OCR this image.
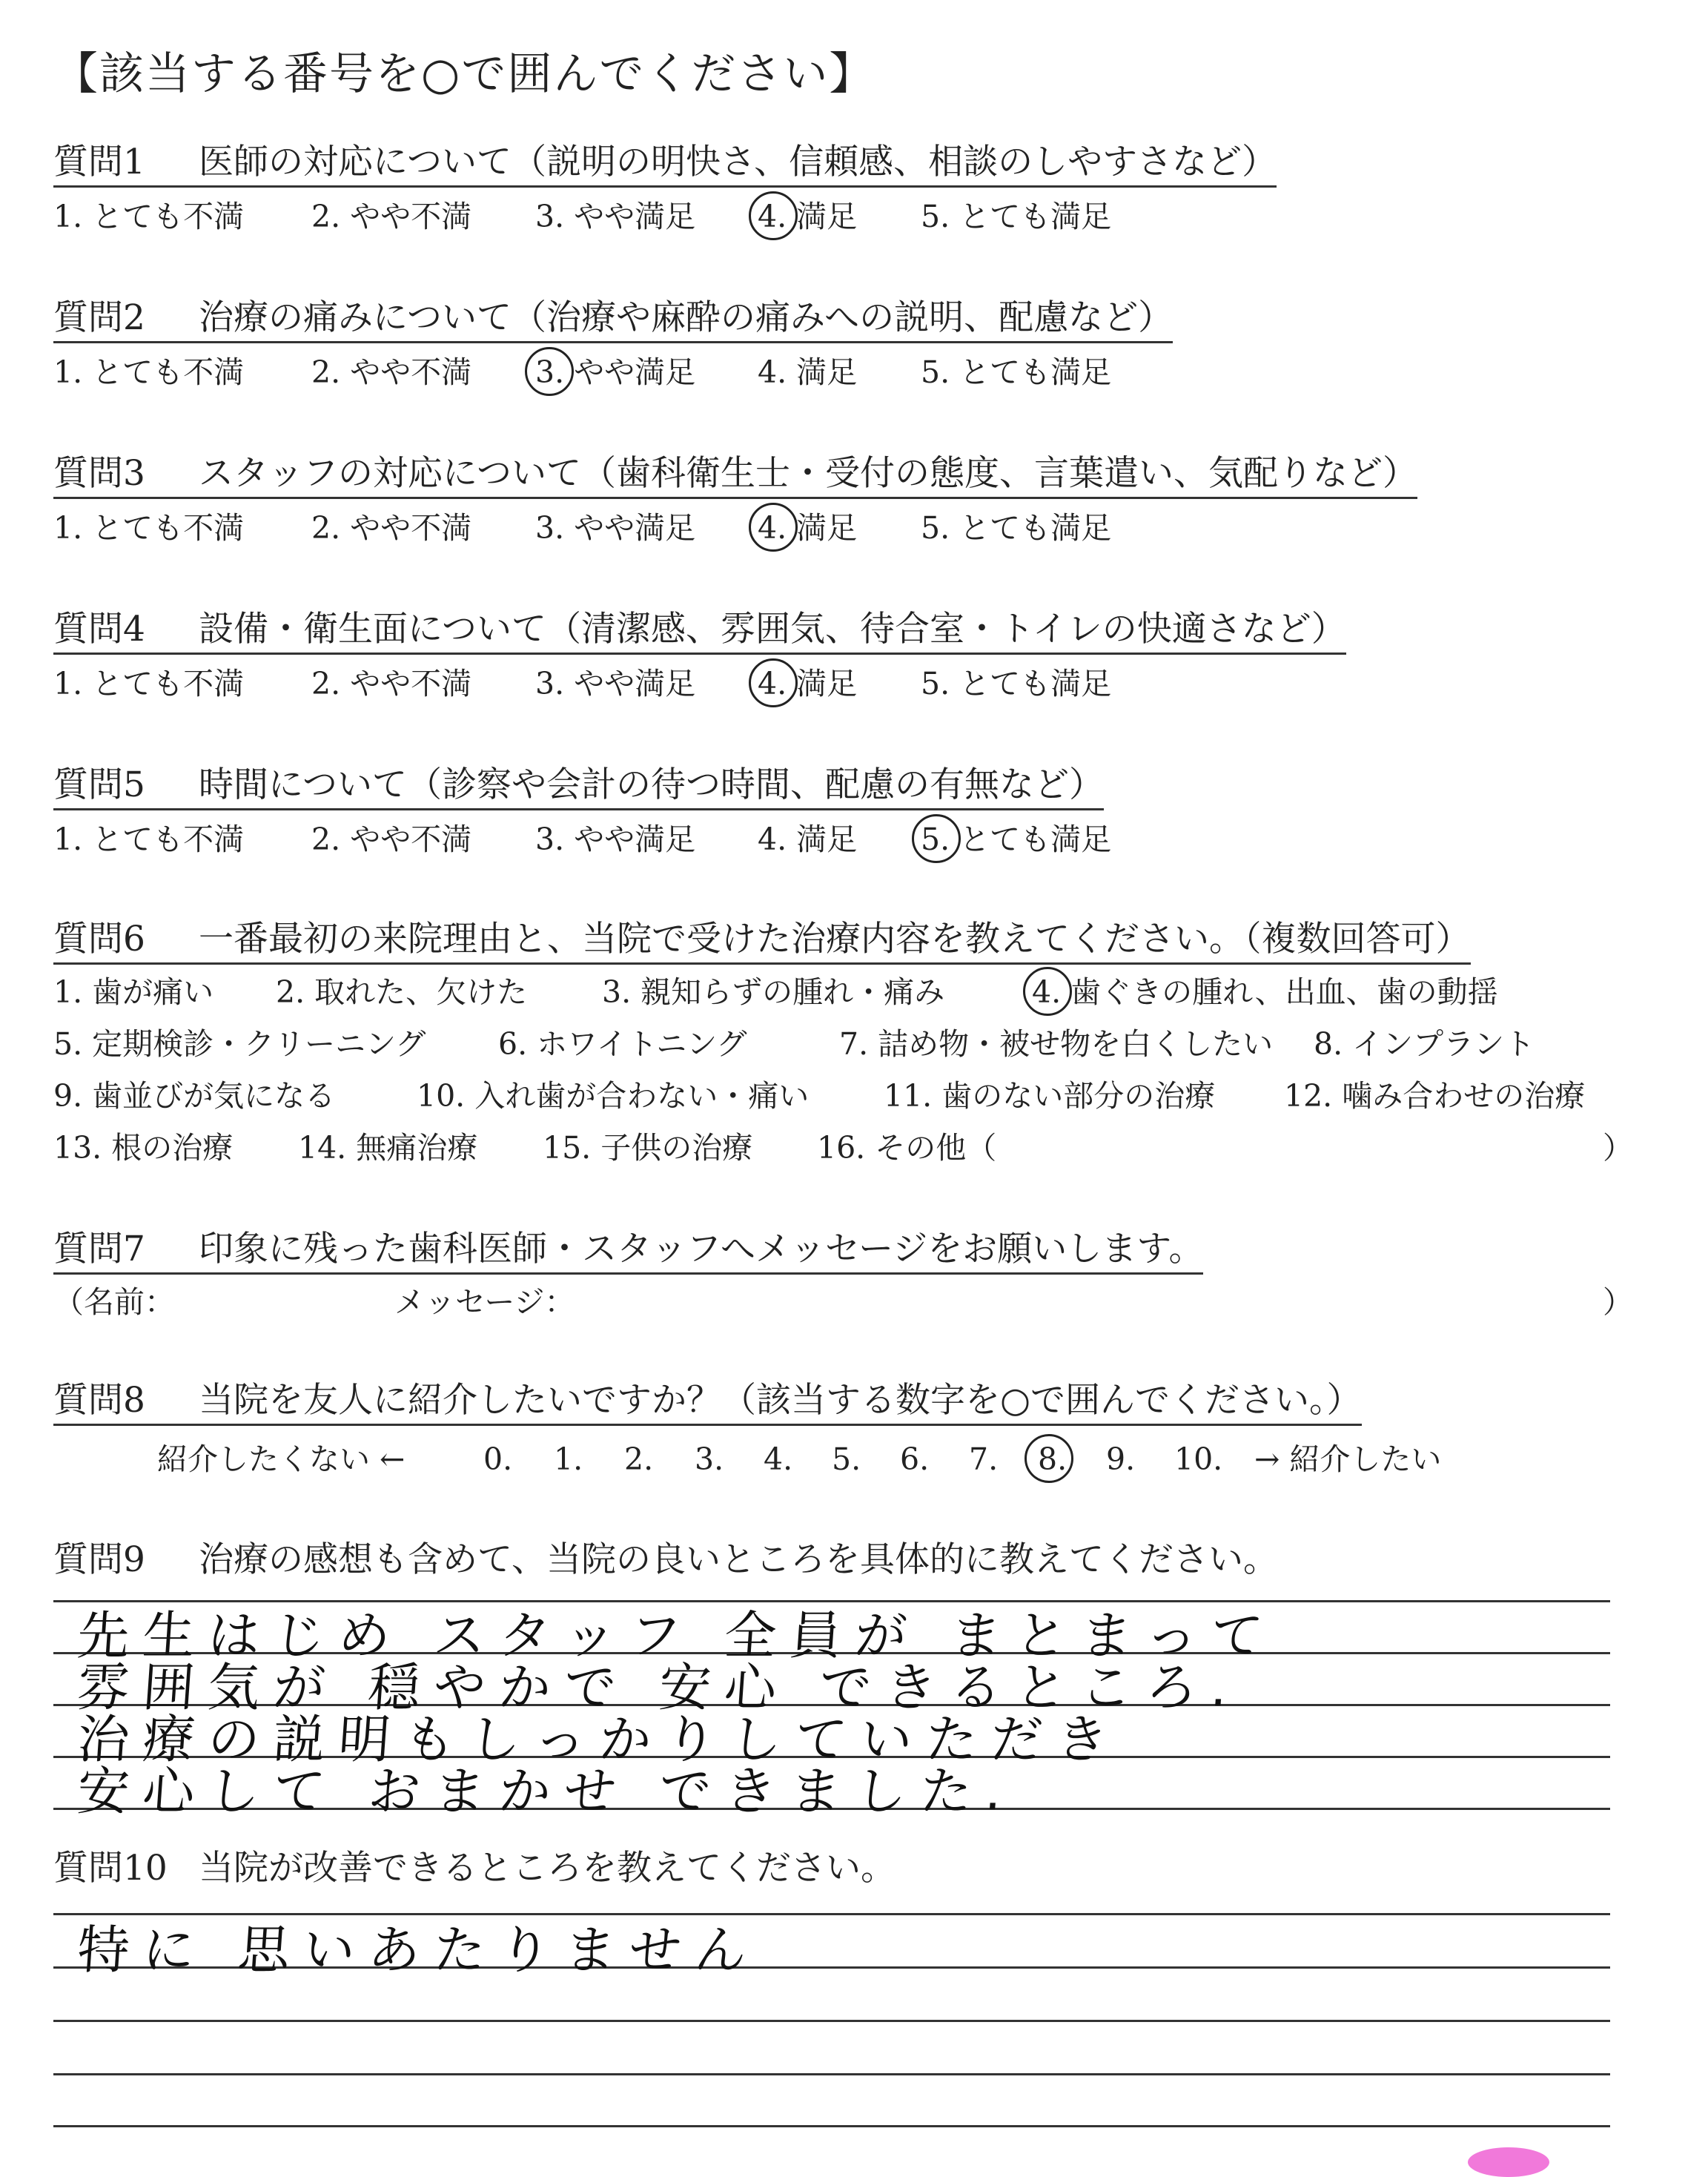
【該当する番号を○で囲んでください】
質問1 医師の対応について（説明の明快さ、信頼感、相談のしやすさなど）
1. とても不満 2. やや不満 3. やや満足 4. 満足 5. とても満足
質問2 治療の痛みについて（治療や麻酔の痛みへの説明、配慮など）
1. とても不満 2. やや不満 3. やや満足 4. 満足 5. とても満足
質問3 スタッフの対応について（歯科衛生士・受付の態度、言葉遣い、気配りなど）
1. とても不満 2. やや不満 3. やや満足 4. 満足 5. とても満足
質問4 設備・衛生面について（清潔感、雰囲気、待合室・トイレの快適さなど）
1. とても不満 2. やや不満 3. やや満足 4. 満足 5. とても満足
質問5 時間について（診察や会計の待つ時間、配慮の有無など）
1. とても不満 2. やや不満 3. やや満足 4. 満足 5. とても満足
質問6 一番最初の来院理由と、当院で受けた治療内容を教えてください。（複数回答可）
1. 歯が痛い 2. 取れた、欠けた 3. 親知らずの腫れ・痛み	4. 歯ぐきの腫れ、出血、歯の動揺
5. 定期検診・クリーニング 6. ホワイトニング	7. 詰め物・被せ物を白くしたい 8. インプラント
9. 歯並びが気になる	10. 入れ歯が合わない・痛い 11. 歯のない部分の治療 12. 噛み合わせの治療
13. 根の治療 14. 無痛治療 15. 子供の治療 16. その他（	）
質問7 印象に残った歯科医師・スタッフへメッセージをお願いします。
（名前：	メッセージ：	）
質問8 当院を友人に紹介したいですか？（該当する数字を○で囲んでください。）
紹介したくない ←	0. 1. 2. 3. 4. 5. 6. 7. 8. 9. 10. → 紹介したい
質問9 治療の感想も含めて、当院の良いところを具体的に教えてください。
先生はじめ スタッフ 全員が まとまって
雰囲気が 穏やかで 安心 できるところ.
治療の説明もしっかりしていただき
安心して おまかせ できました.
質問10 当院が改善できるところを教えてください。
特に 思いあたりません
